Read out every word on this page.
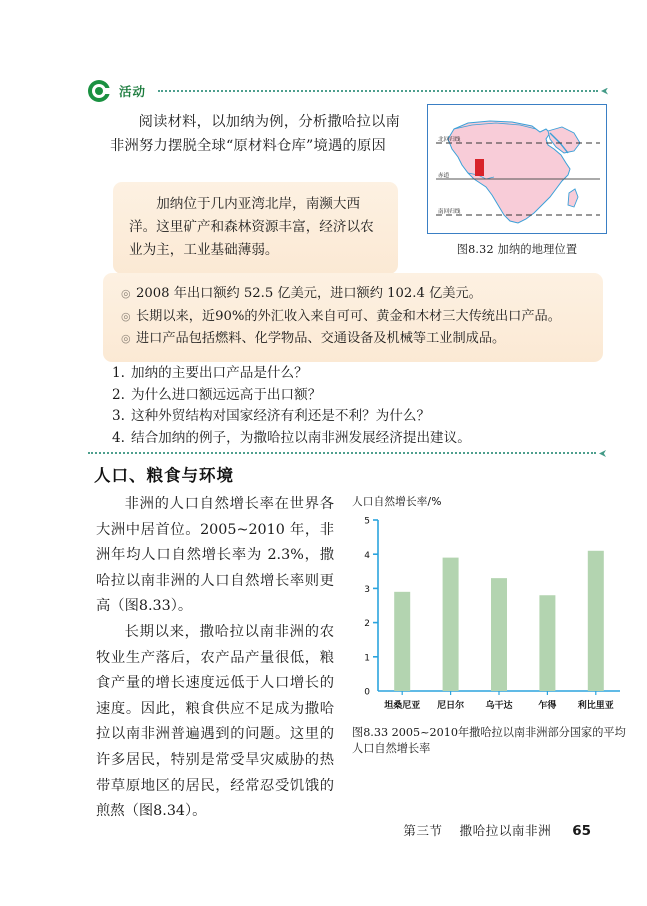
活动
阅读材料，以加纳为例，分析撒哈拉以南非洲努力摆脱全球“原材料仓库”境遇的原因	北回归线
赤道
南回归线
图8.32 加纳的地理位置

加纳位于几内亚湾北岸，南濒大西洋。这里矿产和森林资源丰富，经济以农业为主，工业基础薄弱。

◎ 2008 年出口额约 52.5 亿美元，进口额约 102.4 亿美元。
◎ 长期以来，近90%的外汇收入来自可可、黄金和木材三大传统出口产品。
◎ 进口产品包括燃料、化学物品、交通设备及机械等工业制成品。
1. 加纳的主要出口产品是什么？
2. 为什么进口额远远高于出口额？
3. 这种外贸结构对国家经济有利还是不利？为什么？
4. 结合加纳的例子，为撒哈拉以南非洲发展经济提出建议。
人口、粮食与环境

非洲的人口自然增长率在世界各大洲中居首位。2005~2010 年，非洲年均人口自然增长率为 2.3%，撒哈拉以南非洲的人口自然增长率则更高（图8.33）。

长期以来，撒哈拉以南非洲的农牧业生产落后，农产品产量很低，粮食产量的增长速度远低于人口增长的速度。因此，粮食供应不足成为撒哈拉以南非洲普遍遇到的问题。这里的许多居民，特别是常受旱灾威胁的热带草原地区的居民，经常忍受饥饿的煎熬（图8.34）。

人口自然增长率/%
0
1
2
3
4
5
坦桑尼亚 尼日尔 乌干达	乍得 利比里亚
图8.33 2005~2010年撒哈拉以南非洲部分国家的平均人口自然增长率
第三节 撒哈拉以南非洲 65
